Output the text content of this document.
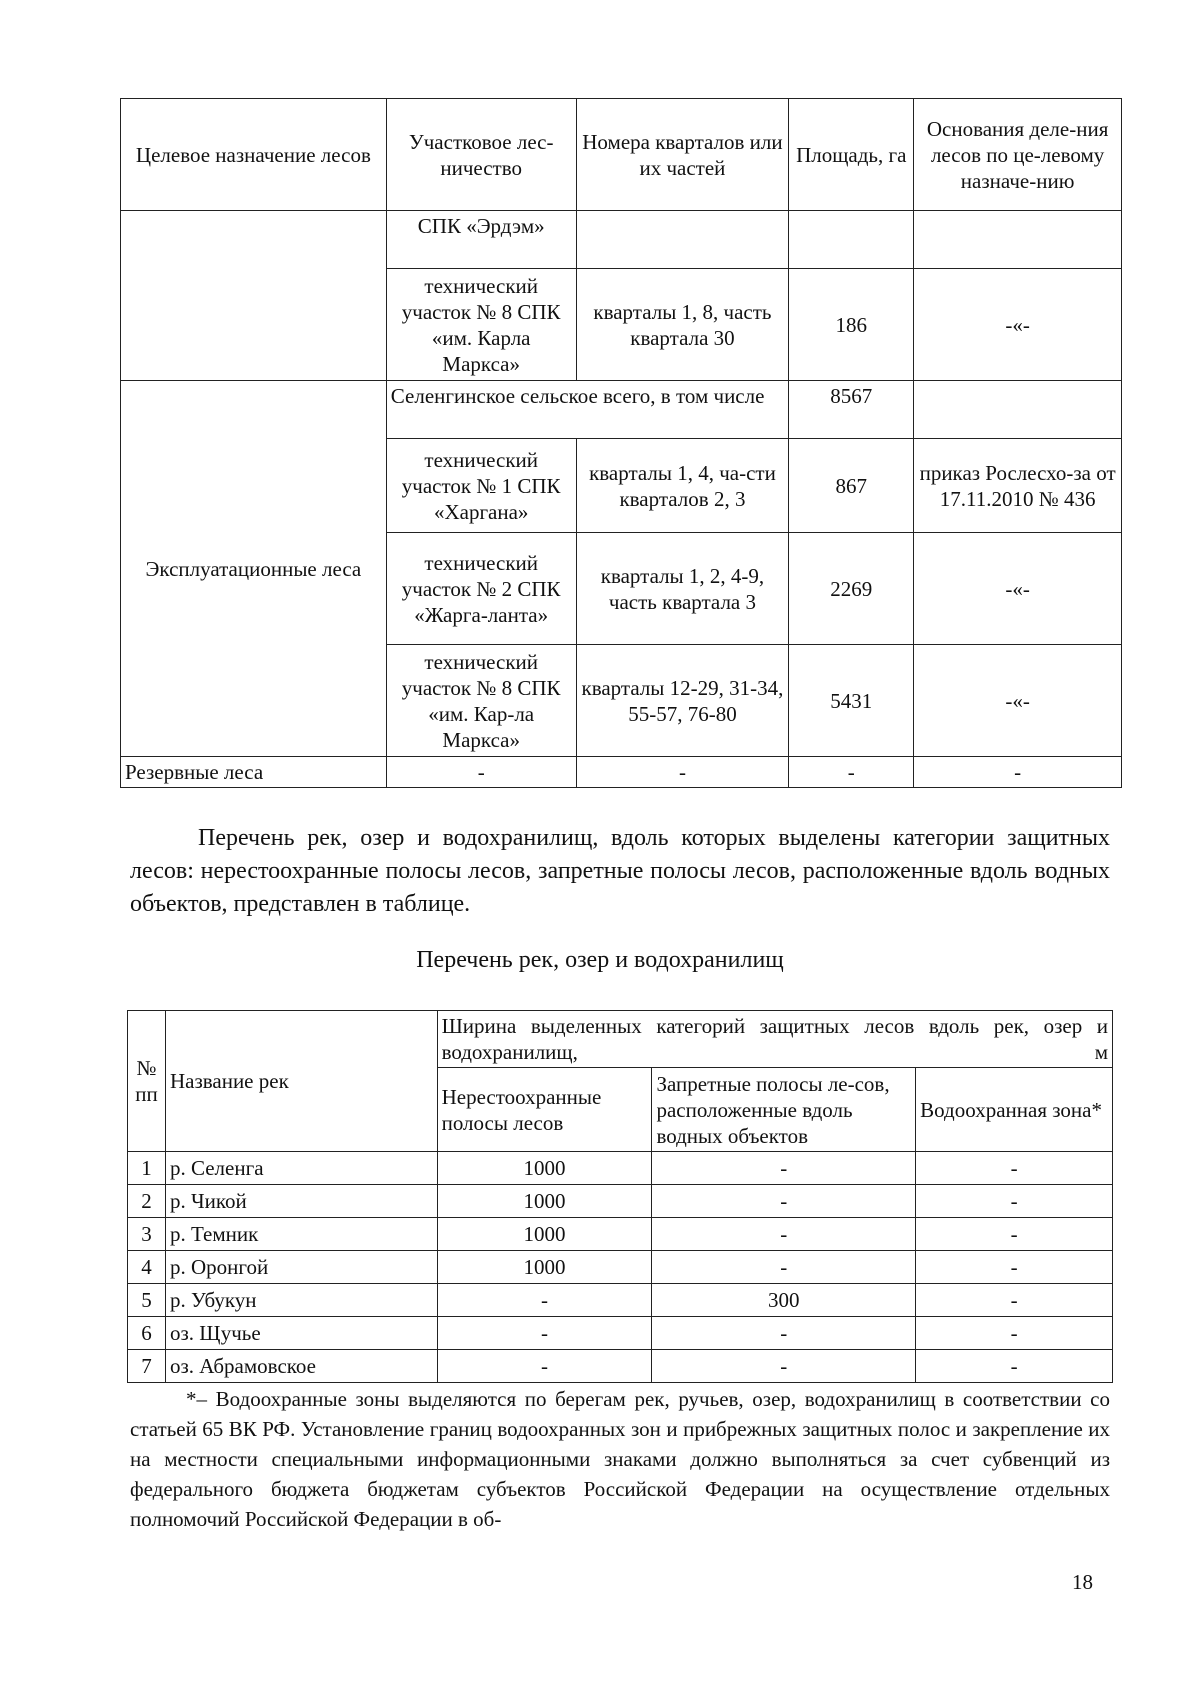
Целевое назначение лесов	Участковое лес-ничество	Номера кварталов или их частей	Площадь, га	Основания деле-ния лесов по це-левому назначе-нию
	СПК «Эрдэм»			
	технический участок № 8 СПК «им. Карла Маркса»	кварталы 1, 8, часть квартала 30	186	-«-
Эксплуатационные леса	Селенгинское сельское всего, в том числе		8567	
	технический участок № 1 СПК «Харгана»	кварталы 1, 4, ча-сти кварталов 2, 3	867	приказ Рослесхо-за от 17.11.2010 № 436
	технический участок № 2 СПК «Жарга-ланта»	кварталы 1, 2, 4-9, часть квартала 3	2269	-«-
	технический участок № 8 СПК «им. Кар-ла Маркса»	кварталы 12-29, 31-34, 55-57, 76-80	5431	-«-
Резервные леса	-	-	-	-
Перечень рек, озер и водохранилищ, вдоль которых выделены категории защитных лесов: нерестоохранные полосы лесов, запретные полосы лесов, расположенные вдоль водных объектов, представлен в таблице.
Перечень рек, озер и водохранилищ
№ пп	Название рек	Ширина выделенных категорий защитных лесов вдоль рек, озер и водохранилищ, м		
		Нерестоохранные полосы лесов	Запретные полосы ле-сов, расположенные вдоль водных объектов	Водоохранная зона*
1	р. Селенга	1000	-	-
2	р. Чикой	1000	-	-
3	р. Темник	1000	-	-
4	р. Оронгой	1000	-	-
5	р. Убукун	-	300	-
6	оз. Щучье	-	-	-
7	оз. Абрамовское	-	-	-
*– Водоохранные зоны выделяются по берегам рек, ручьев, озер, водохранилищ в соответствии со статьей 65 ВК РФ. Установление границ водоохранных зон и прибрежных защитных полос и закрепление их на местности специальными информационными знаками должно выполняться за счет субвенций из федерального бюджета бюджетам субъектов Российской Федерации на осуществление отдельных полномочий Российской Федерации в об-
18
